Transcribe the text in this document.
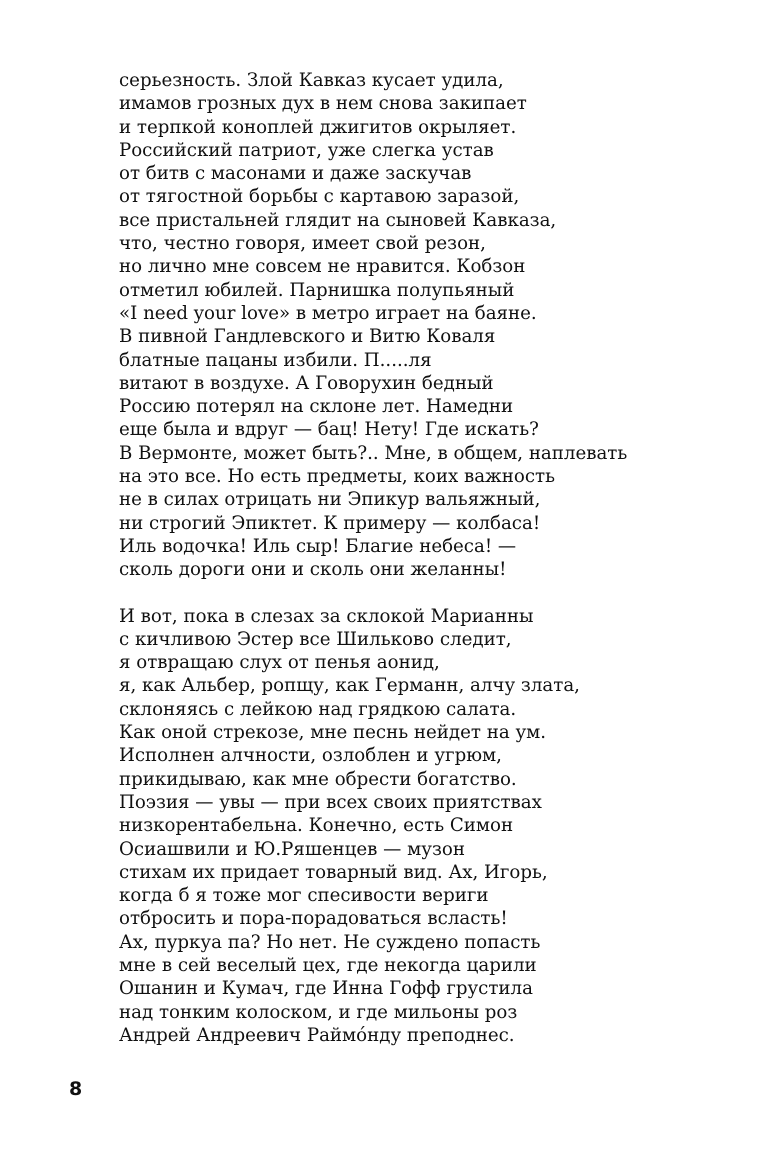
серьезность. Злой Кавказ кусает удила,
имамов грозных дух в нем снова закипает
и терпкой коноплей джигитов окрыляет.
Российский патриот, уже слегка устав
от битв с масонами и даже заскучав
от тягостной борьбы с картавою заразой,
все пристальней глядит на сыновей Кавказа,
что, честно говоря, имеет свой резон,
но лично мне совсем не нравится. Кобзон
отметил юбилей. Парнишка полупьяный
«I need your love» в метро играет на баяне.
В пивной Гандлевского и Витю Коваля
блатные пацаны избили. П.....ля
витают в воздухе. А Говорухин бедный
Россию потерял на склоне лет. Намедни
еще была и вдруг — бац! Нету! Где искать?
В Вермонте, может быть?.. Мне, в общем, наплевать
на это все. Но есть предметы, коих важность
не в силах отрицать ни Эпикур вальяжный,
ни строгий Эпиктет. К примеру — колбаса!
Иль водочка! Иль сыр! Благие небеса! —
сколь дороги они и сколь они желанны!
И вот, пока в слезах за склокой Марианны
с кичливою Эстер все Шильково следит,
я отвращаю слух от пенья аонид,
я, как Альбер, ропщу, как Германн, алчу злата,
склоняясь с лейкою над грядкою салата.
Как оной стрекозе, мне песнь нейдет на ум.
Исполнен алчности, озлоблен и угрюм,
прикидываю, как мне обрести богатство.
Поэзия — увы — при всех своих приятствах
низкорентабельна. Конечно, есть Симон
Осиашвили и Ю.Ряшенцев — музон
стихам их придает товарный вид. Ах, Игорь,
когда б я тоже мог спесивости вериги
отбросить и пора-порадоваться всласть!
Ах, пуркуа па? Но нет. Не суждено попасть
мне в сей веселый цех, где некогда царили
Ошанин и Кумач, где Инна Гофф грустила
над тонким колоском, и где мильоны роз
Андрей Андреевич Раймо́нду преподнес.
8
